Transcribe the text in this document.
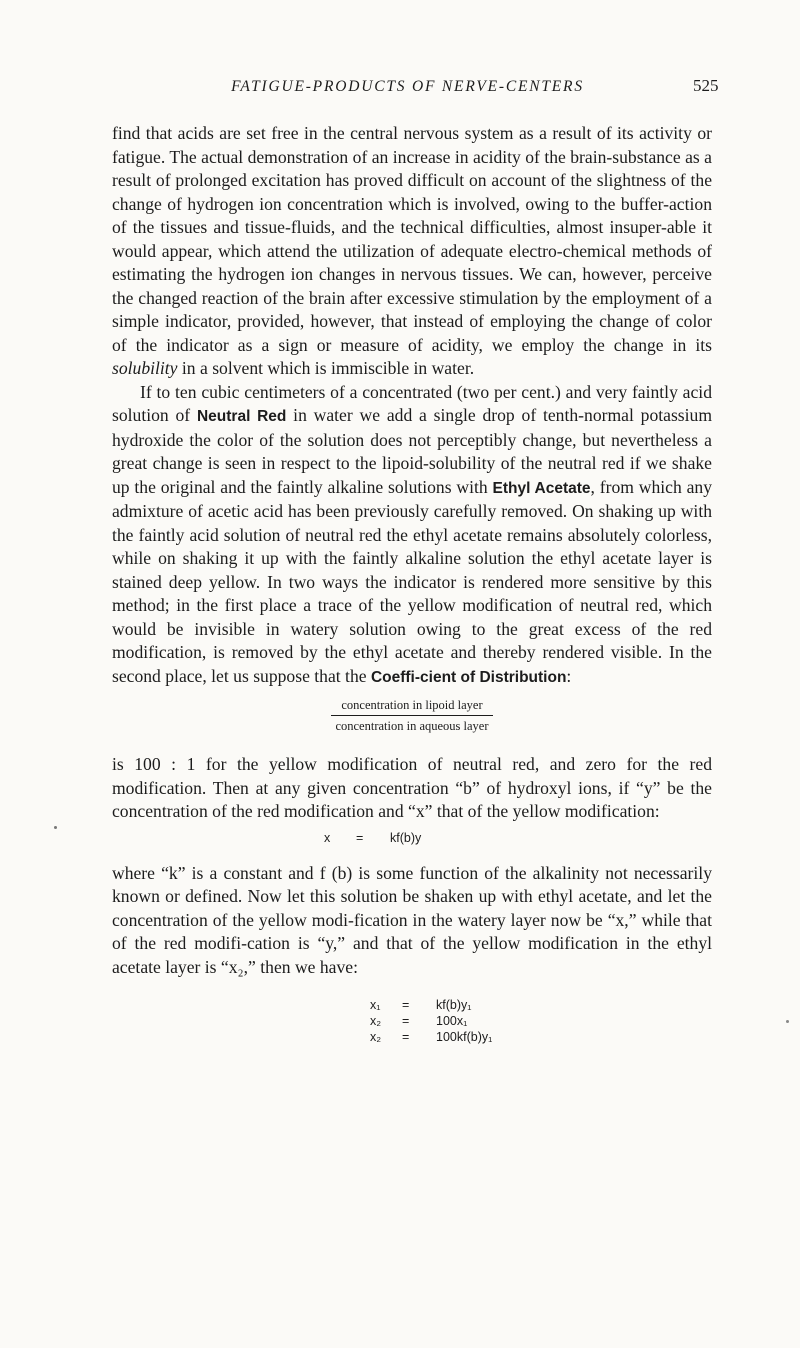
FATIGUE-PRODUCTS OF NERVE-CENTERS	525

find that acids are set free in the central nervous system as a result of its activity or fatigue. The actual demonstration of an increase in acidity of the brain-substance as a result of prolonged excitation has proved difficult on account of the slightness of the change of hydrogen ion concentration which is involved, owing to the buffer-action of the tissues and tissue-fluids, and the technical difficulties, almost insuper-able it would appear, which attend the utilization of adequate electro-chemical methods of estimating the hydrogen ion changes in nervous tissues. We can, however, perceive the changed reaction of the brain after excessive stimulation by the employment of a simple indicator, provided, however, that instead of employing the change of color of the indicator as a sign or measure of acidity, we employ the change in its solubility in a solvent which is immiscible in water.

If to ten cubic centimeters of a concentrated (two per cent.) and very faintly acid solution of Neutral Red in water we add a single drop of tenth-normal potassium hydroxide the color of the solution does not perceptibly change, but nevertheless a great change is seen in respect to the lipoid-solubility of the neutral red if we shake up the original and the faintly alkaline solutions with Ethyl Acetate, from which any admixture of acetic acid has been previously carefully removed. On shaking up with the faintly acid solution of neutral red the ethyl acetate remains absolutely colorless, while on shaking it up with the faintly alkaline solution the ethyl acetate layer is stained deep yellow. In two ways the indicator is rendered more sensitive by this method; in the first place a trace of the yellow modification of neutral red, which would be invisible in watery solution owing to the great excess of the red modification, is removed by the ethyl acetate and thereby rendered visible. In the second place, let us suppose that the Coeffi-cient of Distribution:

$\frac{\text{concentration in lipoid layer}}{\text{concentration in aqueous layer}}$

is 100 : 1 for the yellow modification of neutral red, and zero for the red modification. Then at any given concentration “b” of hydroxyl ions, if “y” be the concentration of the red modification and “x” that of the yellow modification:

x	=	kf(b)y

where “k” is a constant and f (b) is some function of the alkalinity not necessarily known or defined. Now let this solution be shaken up with ethyl acetate, and let the concentration of the yellow modi-fication in the watery layer now be “x,” while that of the red modifi-cation is “y,” and that of the yellow modification in the ethyl acetate layer is “x₂,” then we have:

x₁	=	kf(b)y₁
x₂	=	100x₁
x₂	=	100kf(b)y₁
